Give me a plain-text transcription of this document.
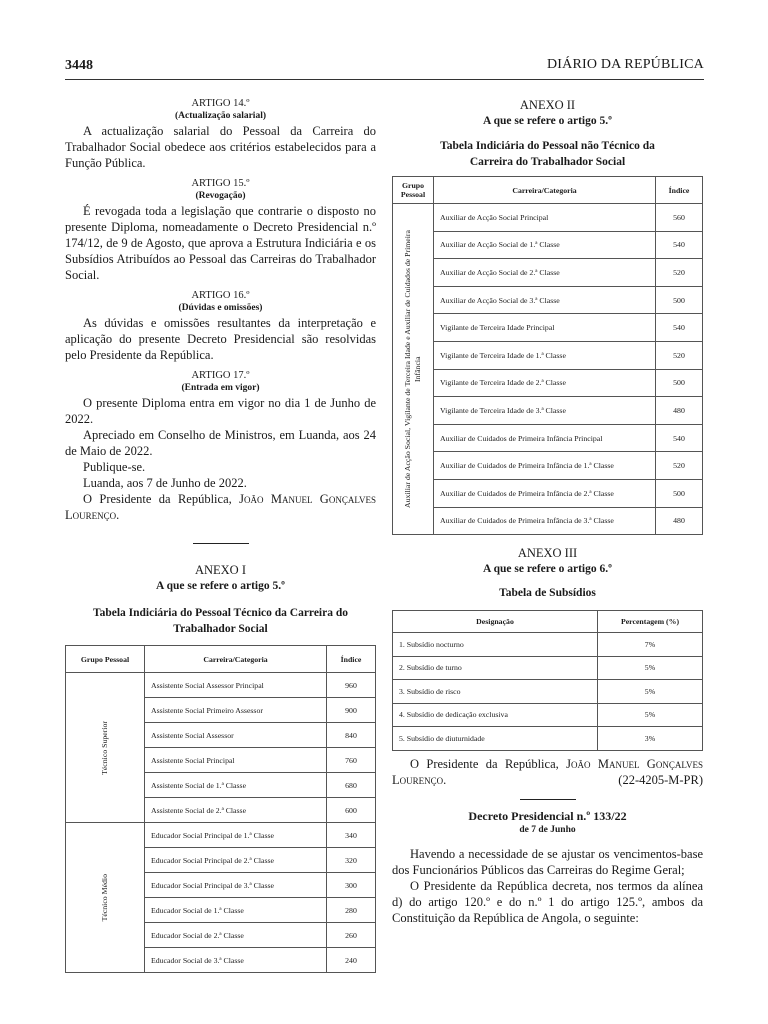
3448	DIÁRIO DA REPÚBLICA
ARTIGO 14.º
(Actualização salarial)

A actualização salarial do Pessoal da Carreira do Trabalhador Social obedece aos critérios estabelecidos para a Função Pública.

ARTIGO 15.º
(Revogação)

É revogada toda a legislação que contrarie o disposto no presente Diploma, nomeadamente o Decreto Presidencial n.º 174/12, de 9 de Agosto, que aprova a Estrutura Indiciária e os Subsídios Atribuídos ao Pessoal das Carreiras do Trabalhador Social.

ARTIGO 16.º
(Dúvidas e omissões)

As dúvidas e omissões resultantes da interpretação e aplicação do presente Decreto Presidencial são resolvidas pelo Presidente da República.

ARTIGO 17.º
(Entrada em vigor)

O presente Diploma entra em vigor no dia 1 de Junho de 2022.

Apreciado em Conselho de Ministros, em Luanda, aos 24 de Maio de 2022.

Publique-se.

Luanda, aos 7 de Junho de 2022.

O Presidente da República, João Manuel Gonçalves Lourenço.

ANEXO I
A que se refere o artigo 5.º
Tabela Indiciária do Pessoal Técnico da Carreira do Trabalhador Social
Grupo Pessoal	Carreira/Categoria	Índice

Técnico Superior	Assistente Social Assessor Principal	960
	Assistente Social Primeiro Assessor	900
	Assistente Social Assessor	840
	Assistente Social Principal	760
	Assistente Social de 1.ª Classe	680
	Assistente Social de 2.ª Classe	600

Técnico Médio	Educador Social Principal de 1.ª Classe	340
	Educador Social Principal de 2.ª Classe	320
	Educador Social Principal de 3.ª Classe	300
	Educador Social de 1.ª Classe	280
	Educador Social de 2.ª Classe	260
	Educador Social de 3.ª Classe	240
ANEXO II
A que se refere o artigo 5.º
Tabela Indiciária do Pessoal não Técnico da Carreira do Trabalhador Social
Grupo Pessoal	Carreira/Categoria	Índice

Auxiliar de Acção Social, Vigilante de Terceira Idade e Auxiliar de Cuidados de Primeira Infância	Auxiliar de Acção Social Principal	560
	Auxiliar de Acção Social de 1.ª Classe	540
	Auxiliar de Acção Social de 2.ª Classe	520
	Auxiliar de Acção Social de 3.ª Classe	500
	Vigilante de Terceira Idade Principal	540
	Vigilante de Terceira Idade de 1.ª Classe	520
	Vigilante de Terceira Idade de 2.ª Classe	500
	Vigilante de Terceira Idade de 3.ª Classe	480
	Auxiliar de Cuidados de Primeira Infância Principal	540
	Auxiliar de Cuidados de Primeira Infância de 1.ª Classe	520
	Auxiliar de Cuidados de Primeira Infância de 2.ª Classe	500
	Auxiliar de Cuidados de Primeira Infância de 3.ª Classe	480
ANEXO III
A que se refere o artigo 6.º
Tabela de Subsídios
Designação	Percentagem (%)
1. Subsídio nocturno	7%
2. Subsídio de turno	5%
3. Subsídio de risco	5%
4. Subsídio de dedicação exclusiva	5%
5. Subsídio de diuturnidade	3%

O Presidente da República, João Manuel Gonçalves Lourenço.	(22-4205-M-PR)
Decreto Presidencial n.º 133/22
de 7 de Junho

Havendo a necessidade de se ajustar os vencimentos-base dos Funcionários Públicos das Carreiras do Regime Geral;

O Presidente da República decreta, nos termos da alínea d) do artigo 120.º e do n.º 1 do artigo 125.º, ambos da Constituição da República de Angola, o seguinte:
